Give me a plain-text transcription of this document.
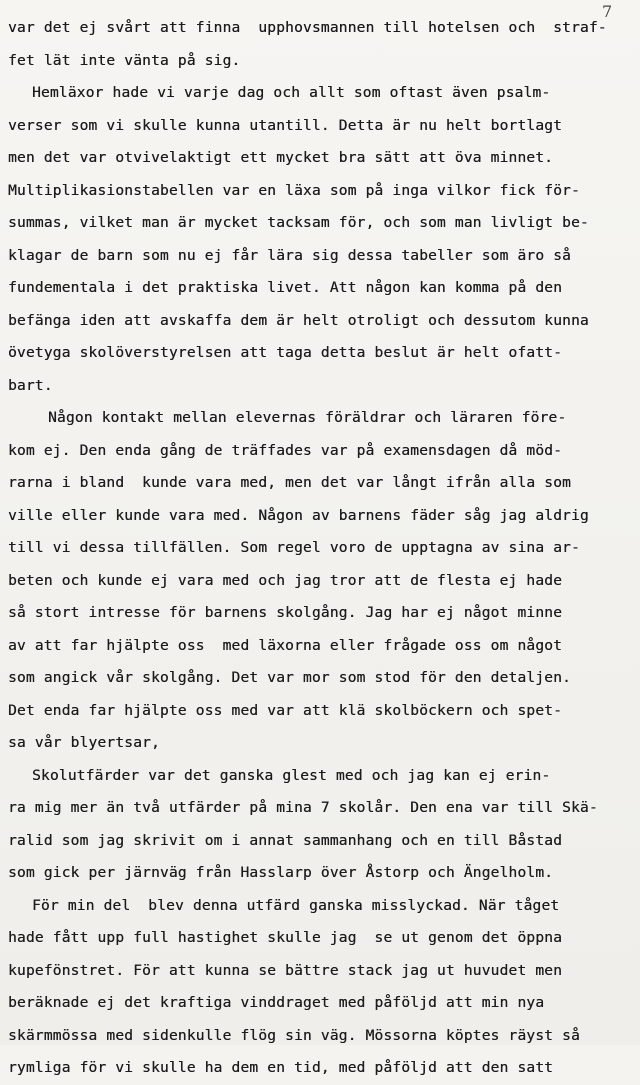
7
var det ej svårt att finna  upphovsmannen till hotelsen och  straf-
fet lät inte vänta på sig.
Hemläxor hade vi varje dag och allt som oftast även psalm-
verser som vi skulle kunna utantill. Detta är nu helt bortlagt
men det var otvivelaktigt ett mycket bra sätt att öva minnet.
Multiplikasionstabellen var en läxa som på inga vilkor fick för-
summas, vilket man är mycket tacksam för, och som man livligt be-
klagar de barn som nu ej får lära sig dessa tabeller som äro så
fundementala i det praktiska livet. Att någon kan komma på den
befänga iden att avskaffa dem är helt otroligt och dessutom kunna
övetyga skolöverstyrelsen att taga detta beslut är helt ofatt-
bart.
Någon kontakt mellan elevernas föräldrar och läraren före-
kom ej. Den enda gång de träffades var på examensdagen då möd-
rarna i bland  kunde vara med, men det var långt ifrån alla som
ville eller kunde vara med. Någon av barnens fäder såg jag aldrig
till vi dessa tillfällen. Som regel voro de upptagna av sina ar-
beten och kunde ej vara med och jag tror att de flesta ej hade
så stort intresse för barnens skolgång. Jag har ej något minne
av att far hjälpte oss  med läxorna eller frågade oss om något
som angick vår skolgång. Det var mor som stod för den detaljen.
Det enda far hjälpte oss med var att klä skolböckern och spet-
sa vår blyertsar,
Skolutfärder var det ganska glest med och jag kan ej erin-
ra mig mer än två utfärder på mina 7 skolår. Den ena var till Skä-
ralid som jag skrivit om i annat sammanhang och en till Båstad
som gick per järnväg från Hasslarp över Åstorp och Ängelholm.
För min del  blev denna utfärd ganska misslyckad. När tåget
hade fått upp full hastighet skulle jag  se ut genom det öppna
kupefönstret. För att kunna se bättre stack jag ut huvudet men
beräknade ej det kraftiga vinddraget med påföljd att min nya
skärmmössa med sidenkulle flög sin väg. Mössorna köptes räyst så
rymliga för vi skulle ha dem en tid, med påföljd att den satt
